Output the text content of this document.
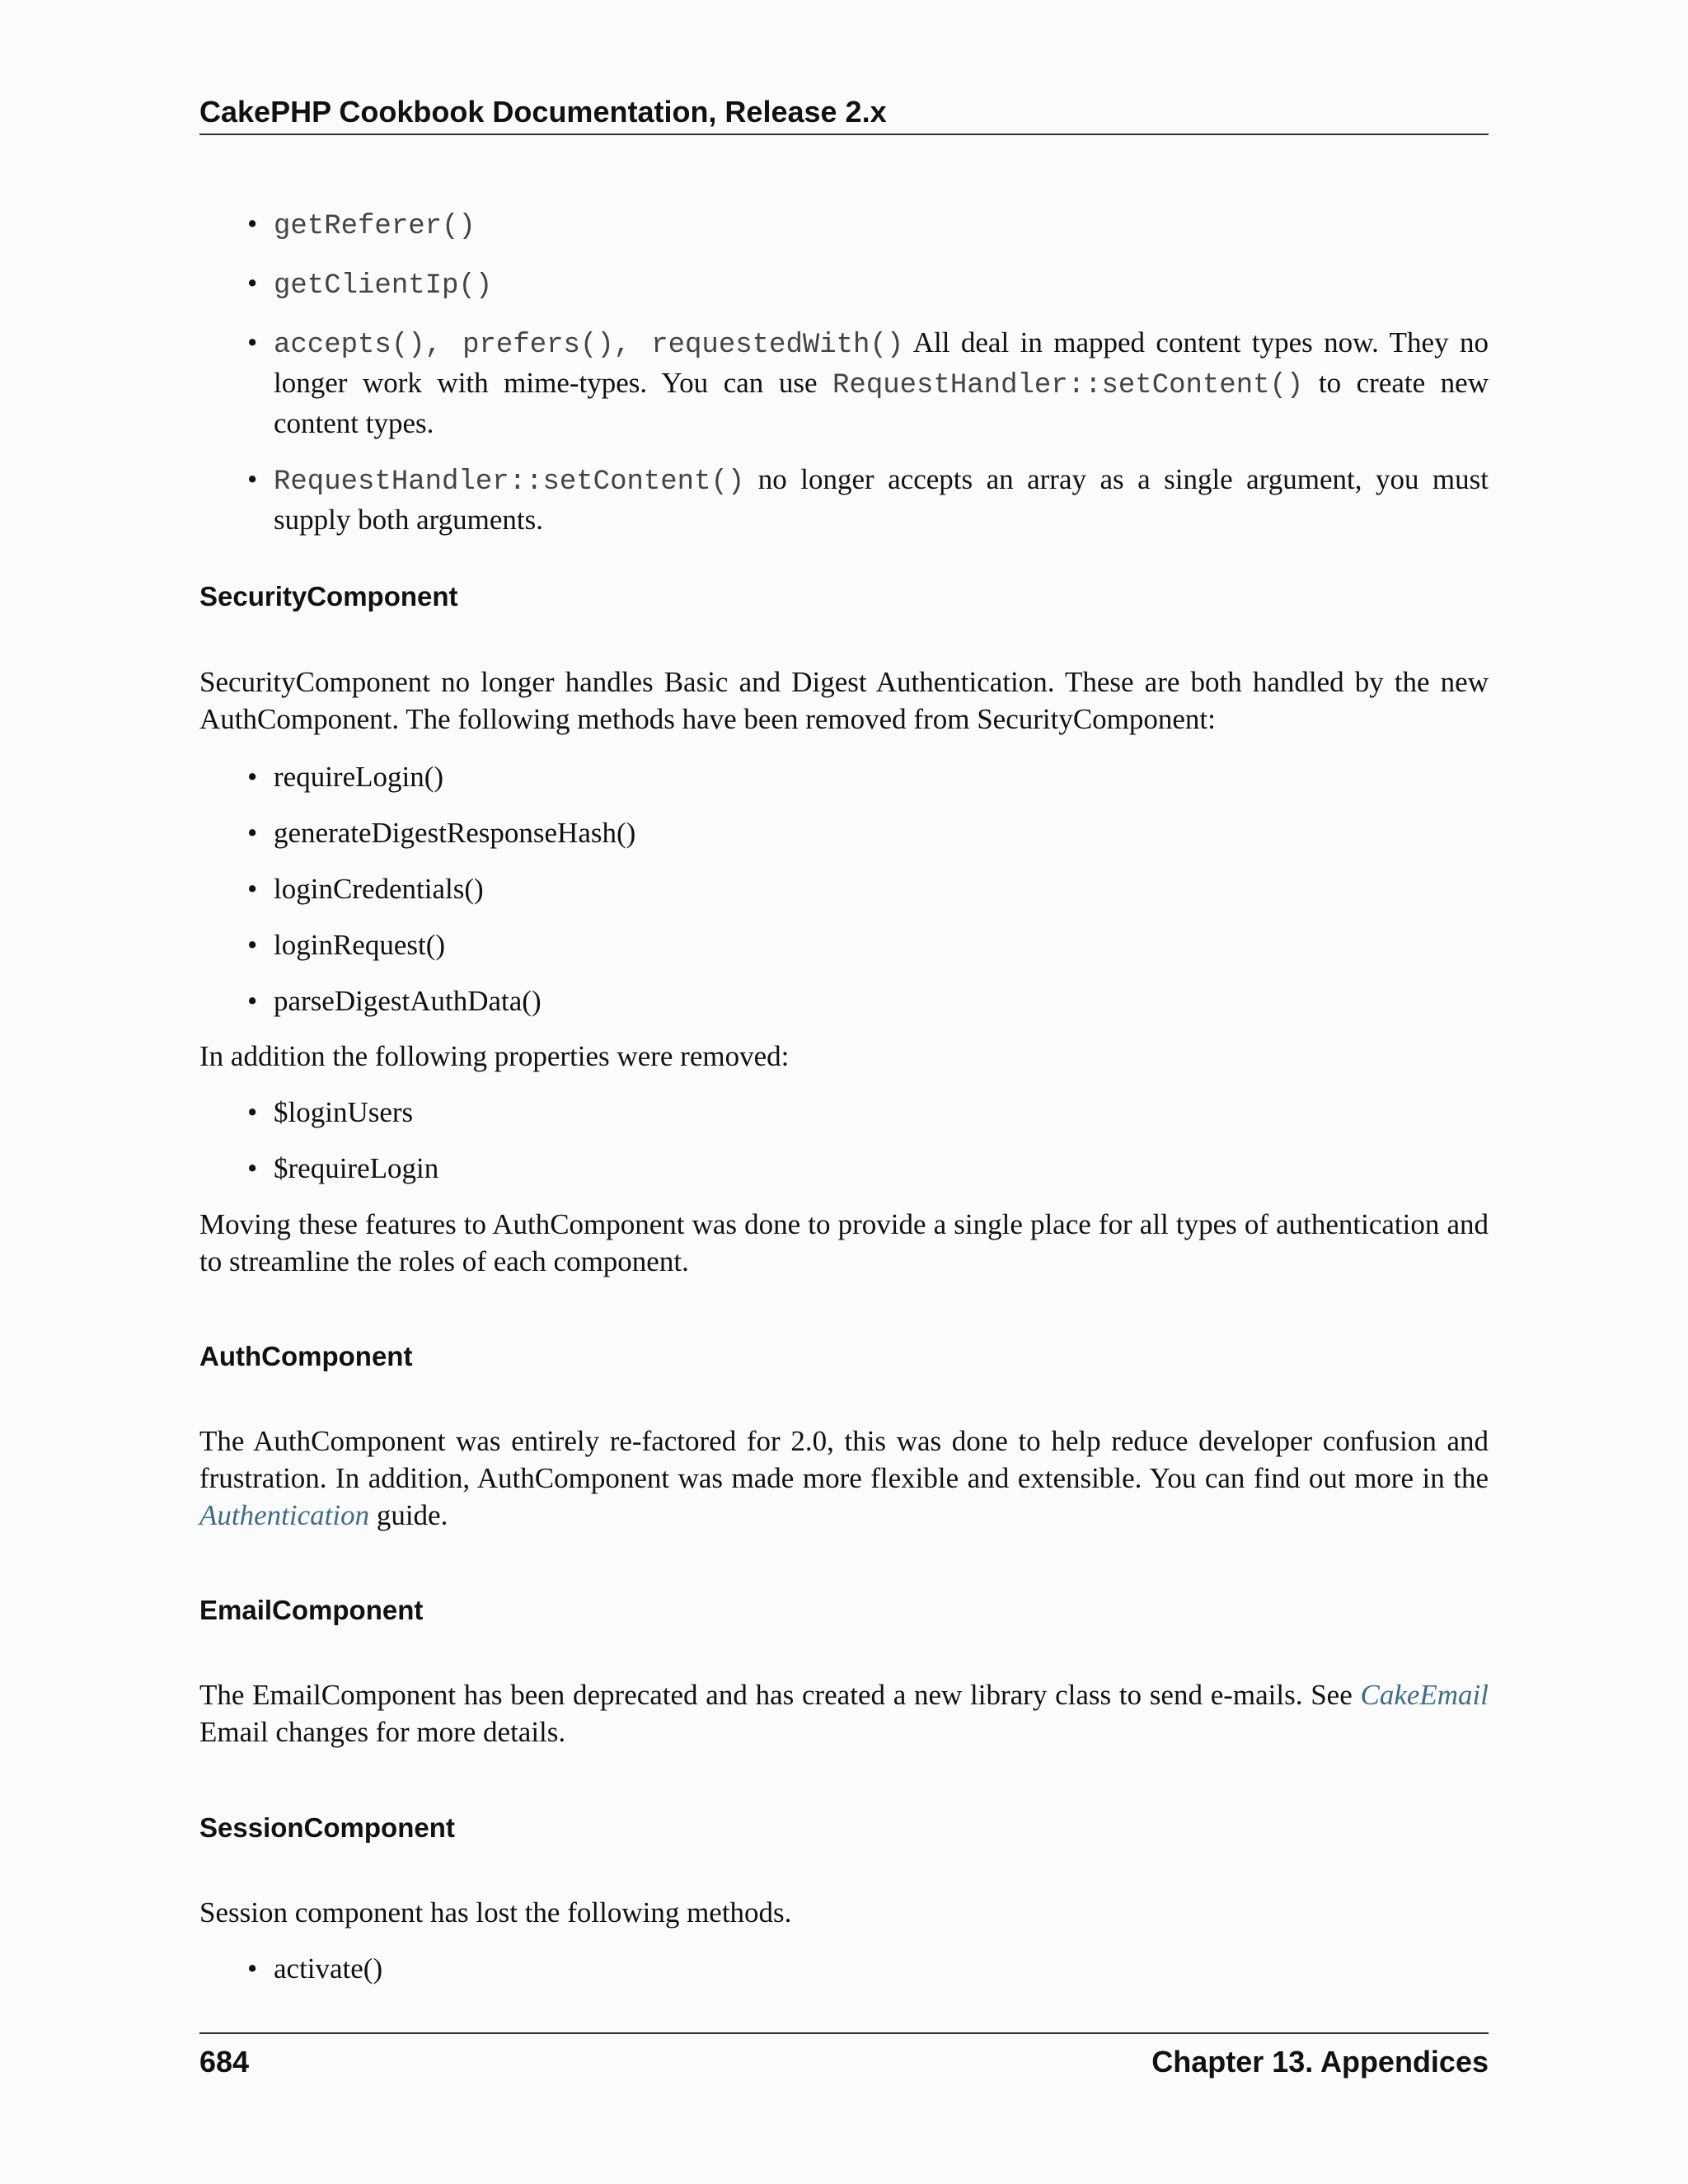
CakePHP Cookbook Documentation, Release 2.x
• getReferer()
• getClientIp()
• accepts(), prefers(), requestedWith() All deal in mapped content types now. They no longer work with mime-types. You can use RequestHandler::setContent() to create new content types.
• RequestHandler::setContent() no longer accepts an array as a single argument, you must supply both arguments.
SecurityComponent
SecurityComponent no longer handles Basic and Digest Authentication. These are both handled by the new AuthComponent. The following methods have been removed from SecurityComponent:
• requireLogin()
• generateDigestResponseHash()
• loginCredentials()
• loginRequest()
• parseDigestAuthData()
In addition the following properties were removed:
• $loginUsers
• $requireLogin
Moving these features to AuthComponent was done to provide a single place for all types of authentication and to streamline the roles of each component.
AuthComponent
The AuthComponent was entirely re-factored for 2.0, this was done to help reduce developer confusion and frustration. In addition, AuthComponent was made more flexible and extensible. You can find out more in the Authentication guide.
EmailComponent
The EmailComponent has been deprecated and has created a new library class to send e-mails. See CakeEmail Email changes for more details.
SessionComponent
Session component has lost the following methods.
• activate()
684	Chapter 13. Appendices
